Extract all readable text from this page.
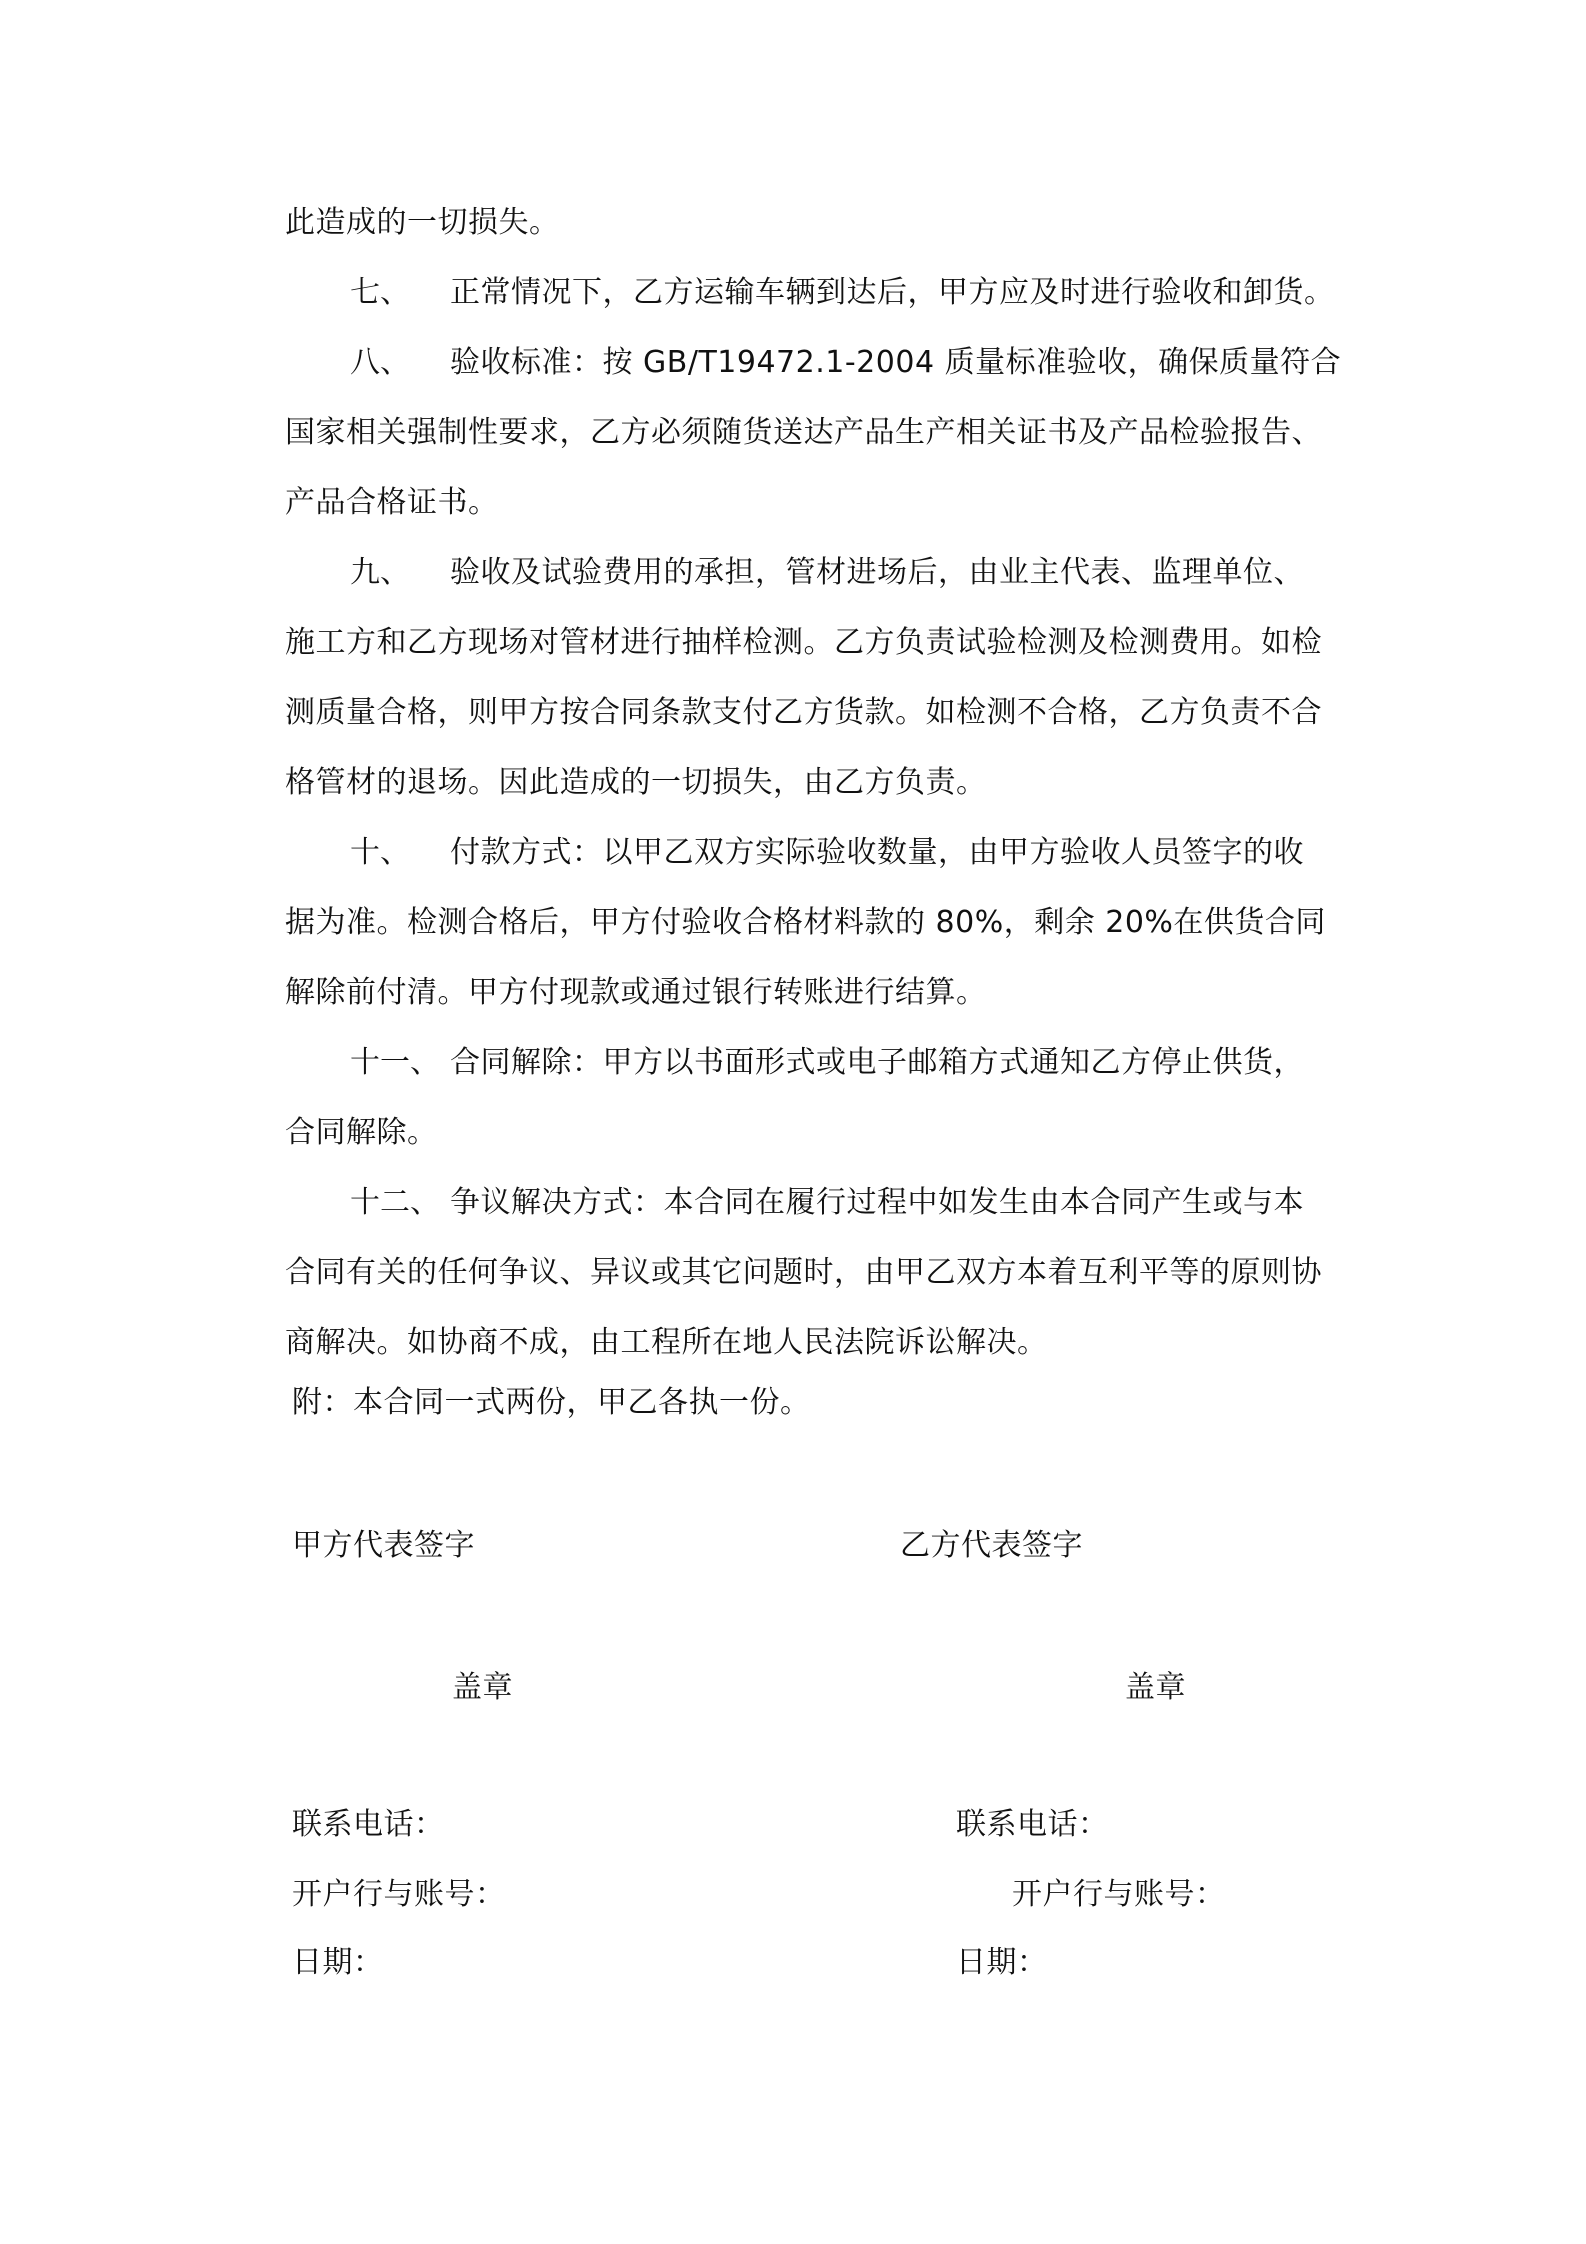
此造成的一切损失。
七、 正常情况下，乙方运输车辆到达后，甲方应及时进行验收和卸货。
八、 验收标准：按 GB/T19472.1-2004 质量标准验收，确保质量符合
国家相关强制性要求，乙方必须随货送达产品生产相关证书及产品检验报告、
产品合格证书。
九、 验收及试验费用的承担，管材进场后，由业主代表、监理单位、
施工方和乙方现场对管材进行抽样检测。乙方负责试验检测及检测费用。如检
测质量合格，则甲方按合同条款支付乙方货款。如检测不合格，乙方负责不合
格管材的退场。因此造成的一切损失，由乙方负责。
十、 付款方式：以甲乙双方实际验收数量，由甲方验收人员签字的收
据为准。检测合格后，甲方付验收合格材料款的 80%，剩余 20%在供货合同
解除前付清。甲方付现款或通过银行转账进行结算。
十一、 合同解除：甲方以书面形式或电子邮箱方式通知乙方停止供货，
合同解除。
十二、 争议解决方式：本合同在履行过程中如发生由本合同产生或与本
合同有关的任何争议、异议或其它问题时，由甲乙双方本着互利平等的原则协
商解决。如协商不成，由工程所在地人民法院诉讼解决。
附：本合同一式两份，甲乙各执一份。
甲方代表签字
盖章
联系电话：
开户行与账号：
日期：
乙方代表签字
盖章
联系电话：
开户行与账号：
日期：
